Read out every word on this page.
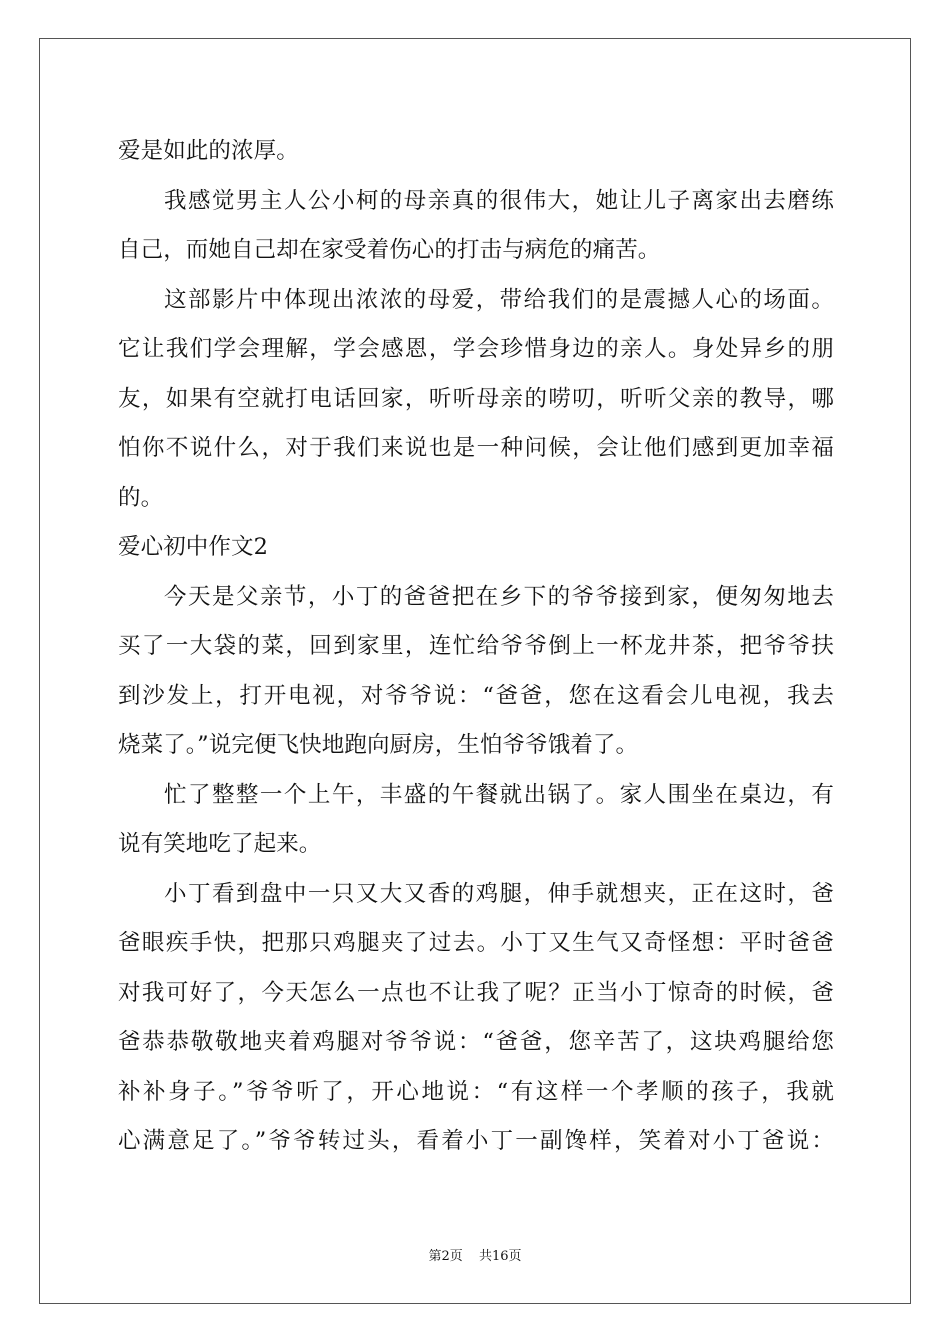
爱是如此的浓厚。
我感觉男主人公小柯的母亲真的很伟大，她让儿子离家出去磨练
自己，而她自己却在家受着伤心的打击与病危的痛苦。
这部影片中体现出浓浓的母爱，带给我们的是震撼人心的场面。
它让我们学会理解，学会感恩，学会珍惜身边的亲人。身处异乡的朋
友，如果有空就打电话回家，听听母亲的唠叨，听听父亲的教导，哪
怕你不说什么，对于我们来说也是一种问候，会让他们感到更加幸福
的。
爱心初中作文2
今天是父亲节，小丁的爸爸把在乡下的爷爷接到家，便匆匆地去
买了一大袋的菜，回到家里，连忙给爷爷倒上一杯龙井茶，把爷爷扶
到沙发上，打开电视，对爷爷说：“爸爸，您在这看会儿电视，我去
烧菜了。”说完便飞快地跑向厨房，生怕爷爷饿着了。
忙了整整一个上午，丰盛的午餐就出锅了。家人围坐在桌边，有
说有笑地吃了起来。
小丁看到盘中一只又大又香的鸡腿，伸手就想夹，正在这时，爸
爸眼疾手快，把那只鸡腿夹了过去。小丁又生气又奇怪想：平时爸爸
对我可好了，今天怎么一点也不让我了呢？正当小丁惊奇的时候，爸
爸恭恭敬敬地夹着鸡腿对爷爷说：“爸爸，您辛苦了，这块鸡腿给您
补补身子。”爷爷听了，开心地说：“有这样一个孝顺的孩子，我就
心满意足了。”爷爷转过头，看着小丁一副馋样，笑着对小丁爸说：
第2页 共16页
